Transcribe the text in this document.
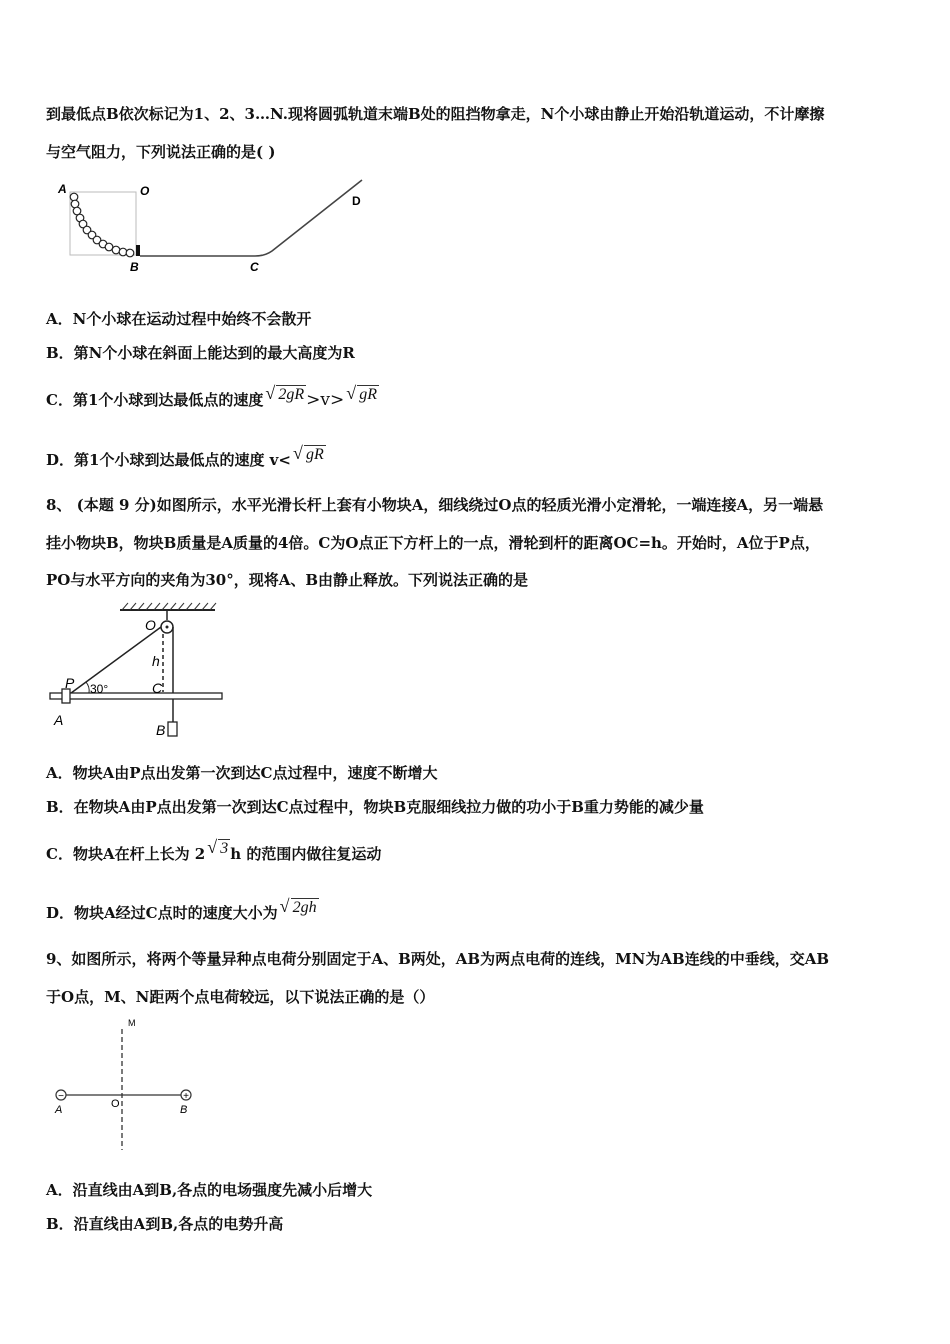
到最低点B依次标记为1、2、3…N.现将圆弧轨道末端B处的阻挡物拿走，N个小球由静止开始沿轨道运动，不计摩擦
与空气阻力，下列说法正确的是( )
A	O
B	C
D
A．N个小球在运动过程中始终不会散开
B．第N个小球在斜面上能达到的最大高度为R
C．第1个小球到达最低点的速度 √ 2gR >v> √ gR
D．第1个小球到达最低点的速度 v< √ gR
8、 (本题 9 分)如图所示，水平光滑长杆上套有小物块A，细线绕过O点的轻质光滑小定滑轮，一端连接A，另一端悬
挂小物块B，物块B质量是A质量的4倍。C为O点正下方杆上的一点，滑轮到杆的距离OC=h。开始时，A位于P点，
PO与水平方向的夹角为30°，现将A、B由静止释放。下列说法正确的是
O
P 30°
h
C
A
B
A．物块A由P点出发第一次到达C点过程中，速度不断增大
B．在物块A由P点出发第一次到达C点过程中，物块B克服细线拉力做的功小于B重力势能的减少量
C．物块A在杆上长为 2 √ 3 h 的范围内做往复运动
D．物块A经过C点时的速度大小为 √ 2gh
9、如图所示，将两个等量异种点电荷分别固定于A、B两处，AB为两点电荷的连线，MN为AB连线的中垂线，交AB
于O点，M、N距两个点电荷较远，以下说法正确的是（）
−	+
M
A	O	B
A．沿直线由A到B,各点的电场强度先减小后增大
B．沿直线由A到B,各点的电势升高
